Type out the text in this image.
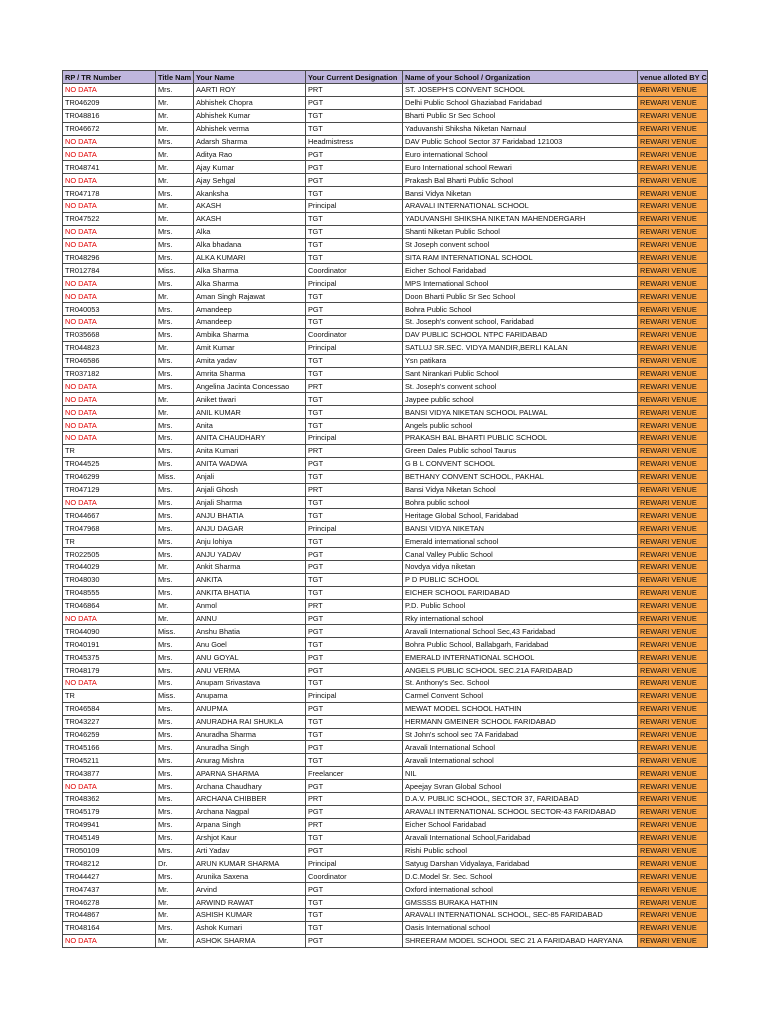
RP / TR Number	Title Nam	Your Name	Your Current Designation	Name of your School / Organization	venue alloted BY C
NO DATA	Mrs.	AARTI ROY	PRT	ST. JOSEPH'S CONVENT SCHOOL	REWARI VENUE
TR046209	Mr.	Abhishek Chopra	PGT	Delhi Public School Ghaziabad Faridabad	REWARI VENUE
TR048816	Mr.	Abhishek Kumar	TGT	Bharti Public Sr Sec School	REWARI VENUE
TR046672	Mr.	Abhishek verma	TGT	Yaduvanshi Shiksha Niketan Narnaul	REWARI VENUE
NO DATA	Mrs.	Adarsh Sharma	Headmistress	DAV Public School Sector 37 Faridabad 121003	REWARI VENUE
NO DATA	Mr.	Aditya Rao	PGT	Euro international School	REWARI VENUE
TR048741	Mr.	Ajay Kumar	PGT	Euro International school Rewari	REWARI VENUE
NO DATA	Mr.	Ajay Sehgal	PGT	Prakash Bal Bharti Public School	REWARI VENUE
TR047178	Mrs.	Akanksha	TGT	Bansi Vidya Niketan	REWARI VENUE
NO DATA	Mr.	AKASH	Principal	ARAVALI INTERNATIONAL SCHOOL	REWARI VENUE
TR047522	Mr.	AKASH	TGT	YADUVANSHI SHIKSHA NIKETAN MAHENDERGARH	REWARI VENUE
NO DATA	Mrs.	Alka	TGT	Shanti Niketan Public School	REWARI VENUE
NO DATA	Mrs.	Alka bhadana	TGT	St Joseph convent school	REWARI VENUE
TR048296	Mrs.	ALKA KUMARI	TGT	SITA RAM INTERNATIONAL SCHOOL	REWARI VENUE
TR012784	Miss.	Alka Sharma	Coordinator	Eicher School Faridabad	REWARI VENUE
NO DATA	Mrs.	Alka Sharma	Principal	MPS International School	REWARI VENUE
NO DATA	Mr.	Aman Singh Rajawat	TGT	Doon Bharti Public Sr Sec School	REWARI VENUE
TR040053	Mrs.	Amandeep	PGT	Bohra Public School	REWARI VENUE
NO DATA	Mrs.	Amandeep	TGT	St. Joseph's convent school, Faridabad	REWARI VENUE
TR035668	Mrs.	Ambika Sharma	Coordinator	DAV PUBLIC SCHOOL NTPC FARIDABAD	REWARI VENUE
TR044823	Mr.	Amit Kumar	Principal	SATLUJ SR.SEC. VIDYA MANDIR,BERLI KALAN	REWARI VENUE
TR046586	Mrs.	Amita yadav	TGT	Ysn patikara	REWARI VENUE
TR037182	Mrs.	Amrita Sharma	TGT	Sant Nirankari Public School	REWARI VENUE
NO DATA	Mrs.	Angelina Jacinta Concessao	PRT	St. Joseph's convent school	REWARI VENUE
NO DATA	Mr.	Aniket tiwari	TGT	Jaypee public school	REWARI VENUE
NO DATA	Mr.	ANIL KUMAR	TGT	BANSI VIDYA NIKETAN SCHOOL PALWAL	REWARI VENUE
NO DATA	Mrs.	Anita	TGT	Angels public school	REWARI VENUE
NO DATA	Mrs.	ANITA CHAUDHARY	Principal	PRAKASH BAL BHARTI PUBLIC SCHOOL	REWARI VENUE
TR	Mrs.	Anita Kumari	PRT	Green Dales Public school Taurus	REWARI VENUE
TR044525	Mrs.	ANITA WADWA	PGT	G B L CONVENT SCHOOL	REWARI VENUE
TR046299	Miss.	Anjali	TGT	BETHANY CONVENT SCHOOL, PAKHAL	REWARI VENUE
TR047129	Mrs.	Anjali Ghosh	PRT	Bansi Vidya Niketan School	REWARI VENUE
NO DATA	Mrs.	Anjali Sharma	TGT	Bohra public school	REWARI VENUE
TR044667	Mrs.	ANJU BHATIA	TGT	Heritage Global School, Faridabad	REWARI VENUE
TR047968	Mrs.	ANJU DAGAR	Principal	BANSI VIDYA NIKETAN	REWARI VENUE
TR	Mrs.	Anju lohiya	TGT	Emerald international school	REWARI VENUE
TR022505	Mrs.	ANJU YADAV	PGT	Canal Valley Public School	REWARI VENUE
TR044029	Mr.	Ankit Sharma	PGT	Novdya vidya niketan	REWARI VENUE
TR048030	Mrs.	ANKITA	TGT	P D PUBLIC SCHOOL	REWARI VENUE
TR048555	Mrs.	ANKITA BHATIA	TGT	EICHER SCHOOL FARIDABAD	REWARI VENUE
TR046864	Mr.	Anmol	PRT	P.D. Public School	REWARI VENUE
NO DATA	Mr.	ANNU	PGT	Rky international school	REWARI VENUE
TR044090	Miss.	Anshu Bhatia	PGT	Aravali International School Sec,43 Faridabad	REWARI VENUE
TR040191	Mrs.	Anu Goel	TGT	Bohra Public School, Ballabgarh, Faridabad	REWARI VENUE
TR045375	Mrs.	ANU GOYAL	PGT	EMERALD INTERNATIONAL SCHOOL	REWARI VENUE
TR048179	Mrs.	ANU VERMA	PGT	ANGELS PUBLIC SCHOOL SEC.21A FARIDABAD	REWARI VENUE
NO DATA	Mrs.	Anupam Srivastava	TGT	St. Anthony's Sec. School	REWARI VENUE
TR	Miss.	Anupama	Principal	Carmel Convent School	REWARI VENUE
TR046584	Mrs.	ANUPMA	PGT	MEWAT MODEL SCHOOL HATHIN	REWARI VENUE
TR043227	Mrs.	ANURADHA RAI SHUKLA	TGT	HERMANN GMEINER SCHOOL FARIDABAD	REWARI VENUE
TR046259	Mrs.	Anuradha Sharma	TGT	St John's school sec 7A Faridabad	REWARI VENUE
TR045166	Mrs.	Anuradha Singh	PGT	Aravali International School	REWARI VENUE
TR045211	Mrs.	Anurag Mishra	TGT	Aravali International school	REWARI VENUE
TR043877	Mrs.	APARNA SHARMA	Freelancer	NIL	REWARI VENUE
NO DATA	Mrs.	Archana Chaudhary	PGT	Apeejay Svran Global School	REWARI VENUE
TR048362	Mrs.	ARCHANA CHIBBER	PRT	D.A.V. PUBLIC SCHOOL, SECTOR 37, FARIDABAD	REWARI VENUE
TR045179	Mrs.	Archana Nagpal	PGT	ARAVALI INTERNATIONAL SCHOOL SECTOR-43 FARIDABAD	REWARI VENUE
TR049941	Mrs.	Arpana Singh	PRT	Eicher School Faridabad	REWARI VENUE
TR045149	Mrs.	Arshjot Kaur	TGT	Aravali International School,Faridabad	REWARI VENUE
TR050109	Mrs.	Arti Yadav	PGT	Rishi Public school	REWARI VENUE
TR048212	Dr.	ARUN KUMAR SHARMA	Principal	Satyug Darshan Vidyalaya, Faridabad	REWARI VENUE
TR044427	Mrs.	Arunika Saxena	Coordinator	D.C.Model Sr. Sec. School	REWARI VENUE
TR047437	Mr.	Arvind	PGT	Oxford international school	REWARI VENUE
TR046278	Mr.	ARWIND RAWAT	TGT	GMSSSS BURAKA HATHIN	REWARI VENUE
TR044867	Mr.	ASHISH KUMAR	TGT	ARAVALI INTERNATIONAL SCHOOL, SEC-85 FARIDABAD	REWARI VENUE
TR048164	Mrs.	Ashok Kumari	TGT	Oasis International school	REWARI VENUE
NO DATA	Mr.	ASHOK SHARMA	PGT	SHREERAM MODEL SCHOOL SEC 21 A FARIDABAD HARYANA	REWARI VENUE
